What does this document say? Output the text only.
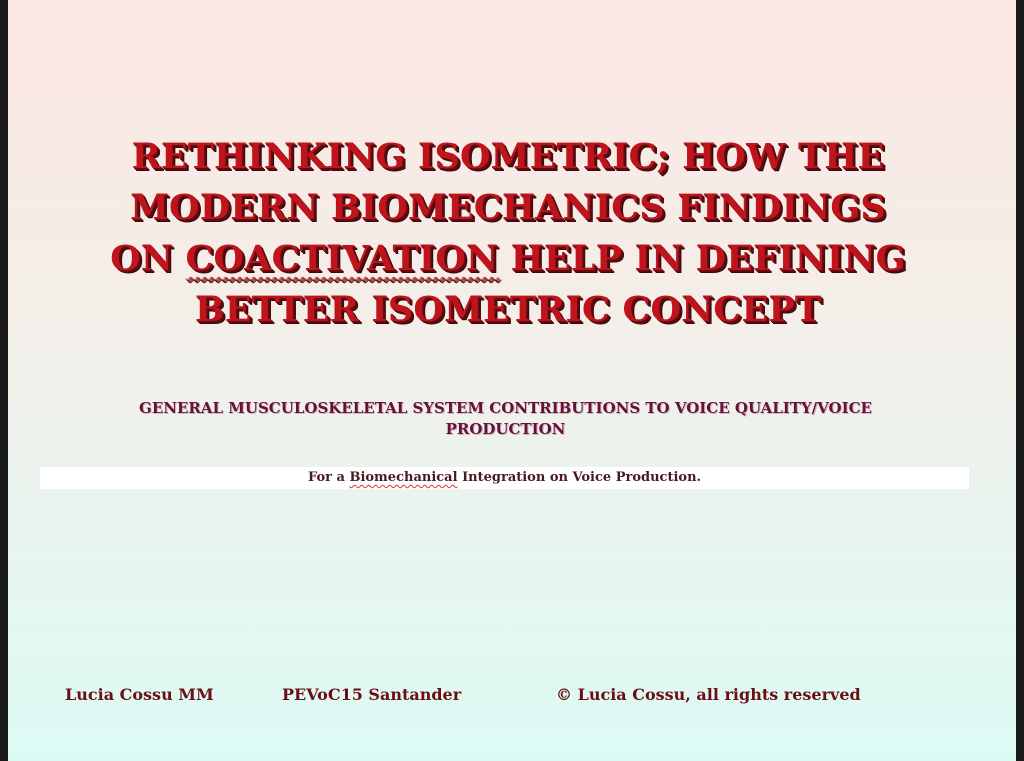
RETHINKING ISOMETRIC; HOW THE
MODERN BIOMECHANICS FINDINGS
ON COACTIVATION HELP IN DEFINING
BETTER ISOMETRIC CONCEPT
GENERAL MUSCULOSKELETAL SYSTEM CONTRIBUTIONS TO VOICE QUALITY/VOICE
PRODUCTION
For a Biomechanical Integration on Voice Production.
Lucia Cossu MM	PEVoC15 Santander	© Lucia Cossu, all rights reserved
